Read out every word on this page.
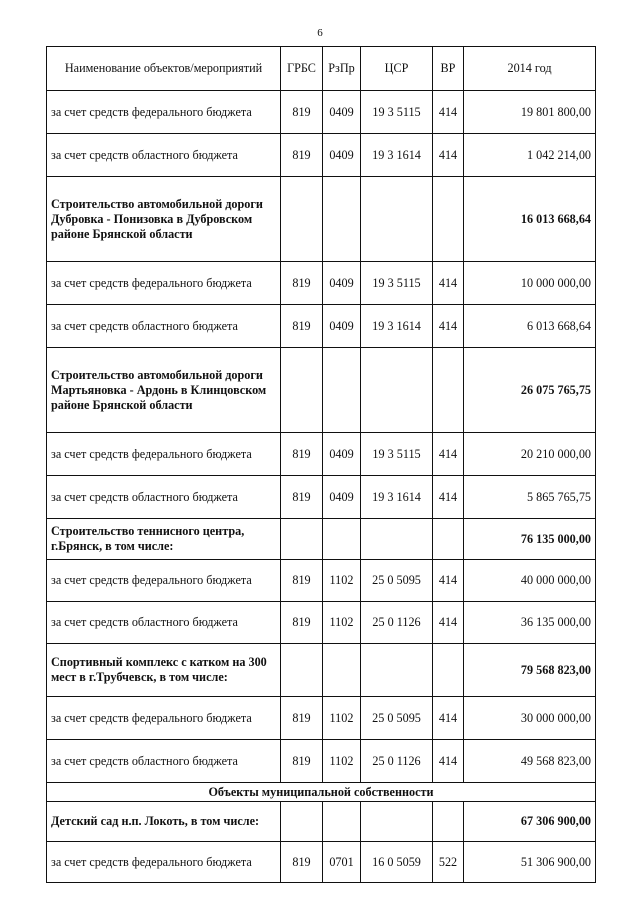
6
Наименование объектов/мероприятий	ГРБС	РзПр	ЦСР	ВР	2014 год
за счет средств федерального бюджета	819	0409	19 3 5115	414	19 801 800,00
за счет средств областного бюджета	819	0409	19 3 1614	414	1 042 214,00
Строительство автомобильной дороги Дубровка - Понизовка в Дубровском районе Брянской области					16 013 668,64
за счет средств федерального бюджета	819	0409	19 3 5115	414	10 000 000,00
за счет средств областного бюджета	819	0409	19 3 1614	414	6 013 668,64
Строительство автомобильной дороги Мартьяновка - Ардонь в Клинцовском районе Брянской области					26 075 765,75
за счет средств федерального бюджета	819	0409	19 3 5115	414	20 210 000,00
за счет средств областного бюджета	819	0409	19 3 1614	414	5 865 765,75
Строительство теннисного центра, г.Брянск, в том числе:					76 135 000,00
за счет средств федерального бюджета	819	1102	25 0 5095	414	40 000 000,00
за счет средств областного бюджета	819	1102	25 0 1126	414	36 135 000,00
Спортивный комплекс с катком на 300 мест в г.Трубчевск, в том числе:					79 568 823,00
за счет средств федерального бюджета	819	1102	25 0 5095	414	30 000 000,00
за счет средств областного бюджета	819	1102	25 0 1126	414	49 568 823,00
Объекты муниципальной собственности					
Детский сад н.п. Локоть, в том числе:					67 306 900,00
за счет средств федерального бюджета	819	0701	16 0 5059	522	51 306 900,00
